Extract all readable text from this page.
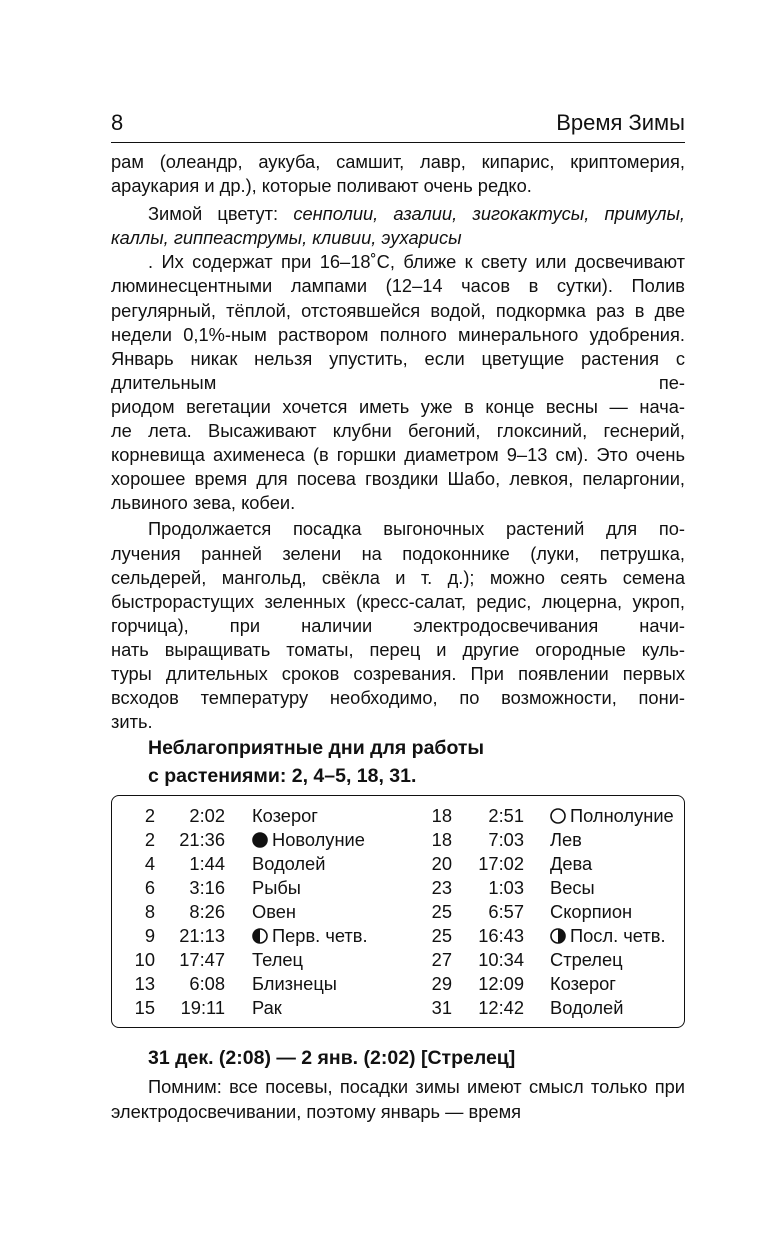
8	Время Зимы

рам (олеандр, аукуба, самшит, лавр, кипарис, криптомерия, араукария и др.), которые поливают очень редко.

Зимой цветут: сенполии, азалии, зигокактусы, примулы, каллы, гиппеаструмы, кливии, эухарисы
. Их содержат при 16–18˚С, ближе к свету или досвечивают люминесцентными лампами (12–14 часов в сутки). Полив регулярный, тёплой, отстоявшейся водой, подкормка раз в две недели 0,1%-ным раствором полного минерального удобрения. Январь никак нельзя упустить, если цветущие растения с длительным пе-

риодом вегетации хочется иметь уже в конце весны — нача-

ле лета. Высаживают клубни бегоний, глоксиний, геснерий, корневища ахименеса (в горшки диаметром 9–13 см). Это очень хорошее время для посева гвоздики Шабо, левкоя, пеларгонии, львиного зева, кобеи.

Продолжается посадка выгоночных растений для по-

лучения ранней зелени на подоконнике (луки, петрушка, сельдерей, мангольд, свёкла и т. д.); можно сеять семена быстрорастущих зеленных (кресс-салат, редис, люцерна, укроп, горчица), при наличии электродосвечивания начи-

нать выращивать томаты, перец и другие огородные куль-

туры длительных сроков созревания. При появлении первых всходов температуру необходимо, по возможности, пони-

зить.

Неблагоприятные дни для работы

с растениями: 2, 4–5, 18, 31.

2	2:02	Козерог	18	2:51	Полнолуние
2	21:36	Новолуние	18	7:03	Лев
4	1:44	Водолей	20	17:02	Дева
6	3:16	Рыбы	23	1:03	Весы
8	8:26	Овен	25	6:57	Скорпион
9	21:13	Перв. четв.	25	16:43	Посл. четв.
10	17:47	Телец	27	10:34	Стрелец
13	6:08	Близнецы	29	12:09	Козерог
15	19:11	Рак	31	12:42	Водолей
31 дек. (2:08) — 2 янв. (2:02) [Стрелец]

Помним: все посевы, посадки зимы имеют смысл только при электродосвечивании, поэтому январь — время
